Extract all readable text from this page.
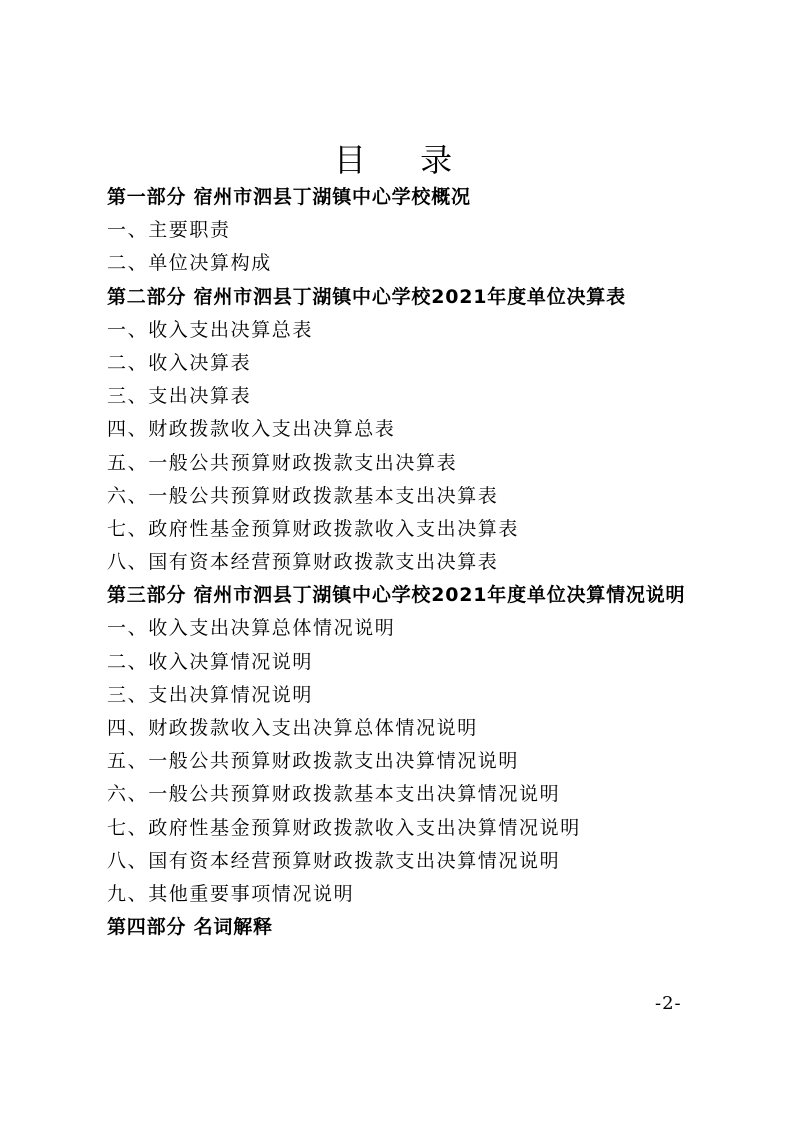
目 录
第一部分 宿州市泗县丁湖镇中心学校概况
一、主要职责
二、单位决算构成
第二部分 宿州市泗县丁湖镇中心学校2021年度单位决算表
一、收入支出决算总表
二、收入决算表
三、支出决算表
四、财政拨款收入支出决算总表
五、一般公共预算财政拨款支出决算表
六、一般公共预算财政拨款基本支出决算表
七、政府性基金预算财政拨款收入支出决算表
八、国有资本经营预算财政拨款支出决算表
第三部分 宿州市泗县丁湖镇中心学校2021年度单位决算情况说明
一、收入支出决算总体情况说明
二、收入决算情况说明
三、支出决算情况说明
四、财政拨款收入支出决算总体情况说明
五、一般公共预算财政拨款支出决算情况说明
六、一般公共预算财政拨款基本支出决算情况说明
七、政府性基金预算财政拨款收入支出决算情况说明
八、国有资本经营预算财政拨款支出决算情况说明
九、其他重要事项情况说明
第四部分 名词解释
-2-
